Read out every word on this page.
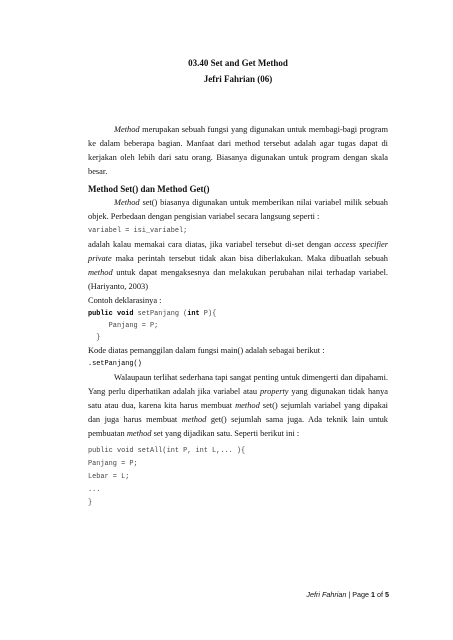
03.40 Set and Get Method
Jefri Fahrian (06)
Method merupakan sebuah fungsi yang digunakan untuk membagi-bagi program ke dalam beberapa bagian. Manfaat dari method tersebut adalah agar tugas dapat di kerjakan oleh lebih dari satu orang. Biasanya digunakan untuk program dengan skala besar.
Method Set() dan Method Get()
Method set() biasanya digunakan untuk memberikan nilai variabel milik sebuah objek. Perbedaan dengan pengisian variabel secara langsung seperti :
variabel = isi_variabel;
adalah kalau memakai cara diatas, jika variabel tersebut di-set dengan access specifier private maka perintah tersebut tidak akan bisa diberlakukan. Maka dibuatlah sebuah method untuk dapat mengaksesnya dan melakukan perubahan nilai terhadap variabel. (Hariyanto, 2003)
Contoh deklarasinya :
public void setPanjang (int P){
Panjang = P;
}
Kode diatas pemanggilan dalam fungsi main() adalah sebagai berikut :
.setPanjang()
Walaupaun terlihat sederhana tapi sangat penting untuk dimengerti dan dipahami. Yang perlu diperhatikan adalah jika variabel atau property yang digunakan tidak hanya satu atau dua, karena kita harus membuat method set() sejumlah variabel yang dipakai dan juga harus membuat method get() sejumlah sama juga. Ada teknik lain untuk pembuatan method set yang dijadikan satu. Seperti berikut ini :
public void setAll(int P, int L,... ){
Panjang = P;
Lebar = L;
...
}
Jefri Fahrian | Page 1 of 5
